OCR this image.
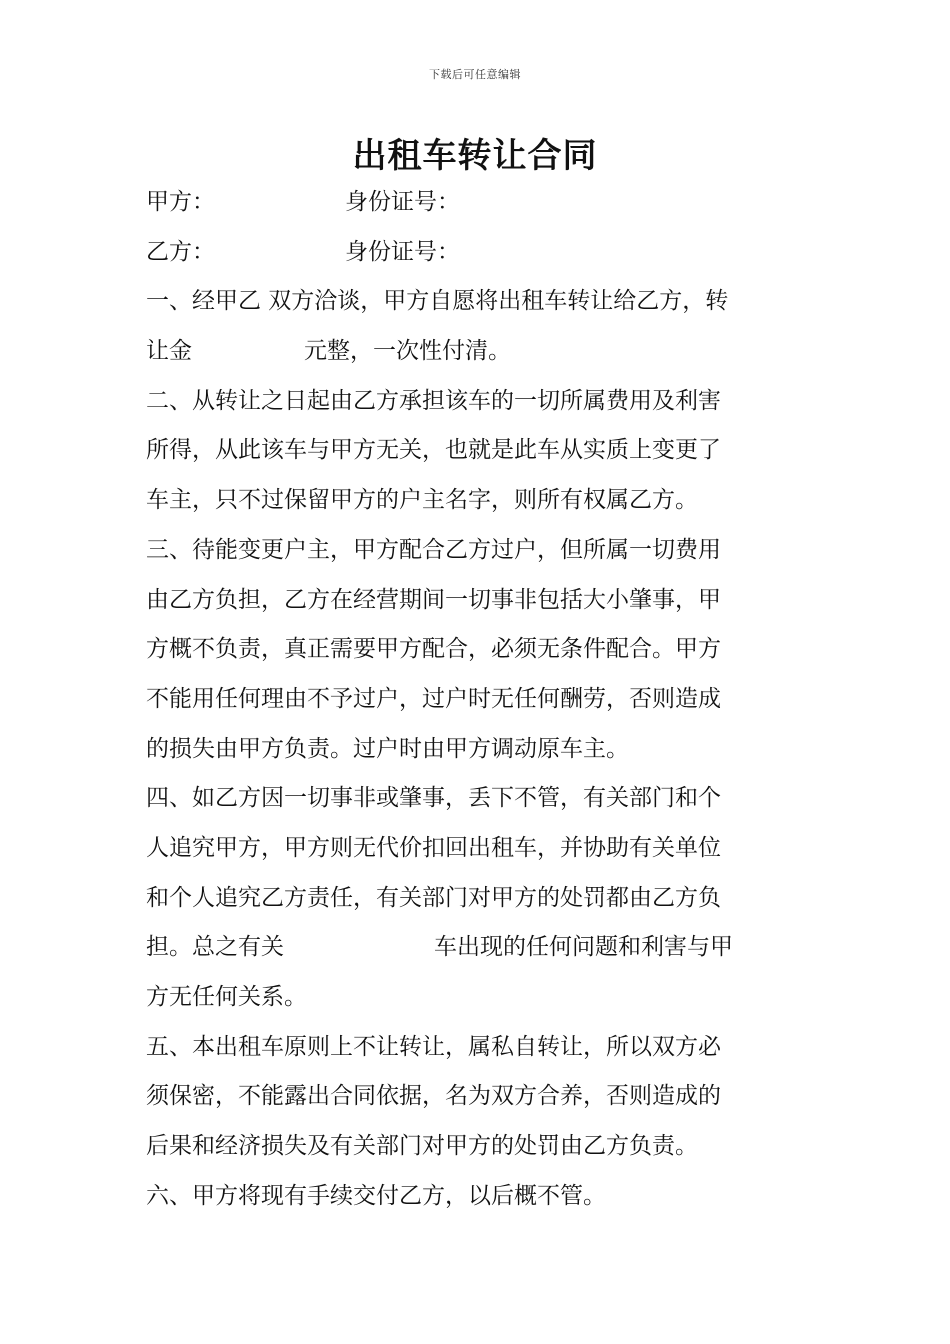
下载后可任意编辑
出租车转让合同
甲方：	身份证号：
乙方：	身份证号：
一、经甲乙 双方洽谈，甲方自愿将出租车转让给乙方，转
让金	元整，一次性付清。
二、从转让之日起由乙方承担该车的一切所属费用及利害
所得，从此该车与甲方无关，也就是此车从实质上变更了
车主，只不过保留甲方的户主名字，则所有权属乙方。
三、待能变更户主，甲方配合乙方过户，但所属一切费用
由乙方负担，乙方在经营期间一切事非包括大小肇事，甲
方概不负责，真正需要甲方配合，必须无条件配合。甲方
不能用任何理由不予过户，过户时无任何酬劳，否则造成
的损失由甲方负责。过户时由甲方调动原车主。
四、如乙方因一切事非或肇事，丢下不管，有关部门和个
人追究甲方，甲方则无代价扣回出租车，并协助有关单位
和个人追究乙方责任，有关部门对甲方的处罚都由乙方负
担。总之有关	车出现的任何问题和利害与甲
方无任何关系。
五、本出租车原则上不让转让，属私自转让，所以双方必
须保密，不能露出合同依据，名为双方合养，否则造成的
后果和经济损失及有关部门对甲方的处罚由乙方负责。
六、甲方将现有手续交付乙方，以后概不管。
